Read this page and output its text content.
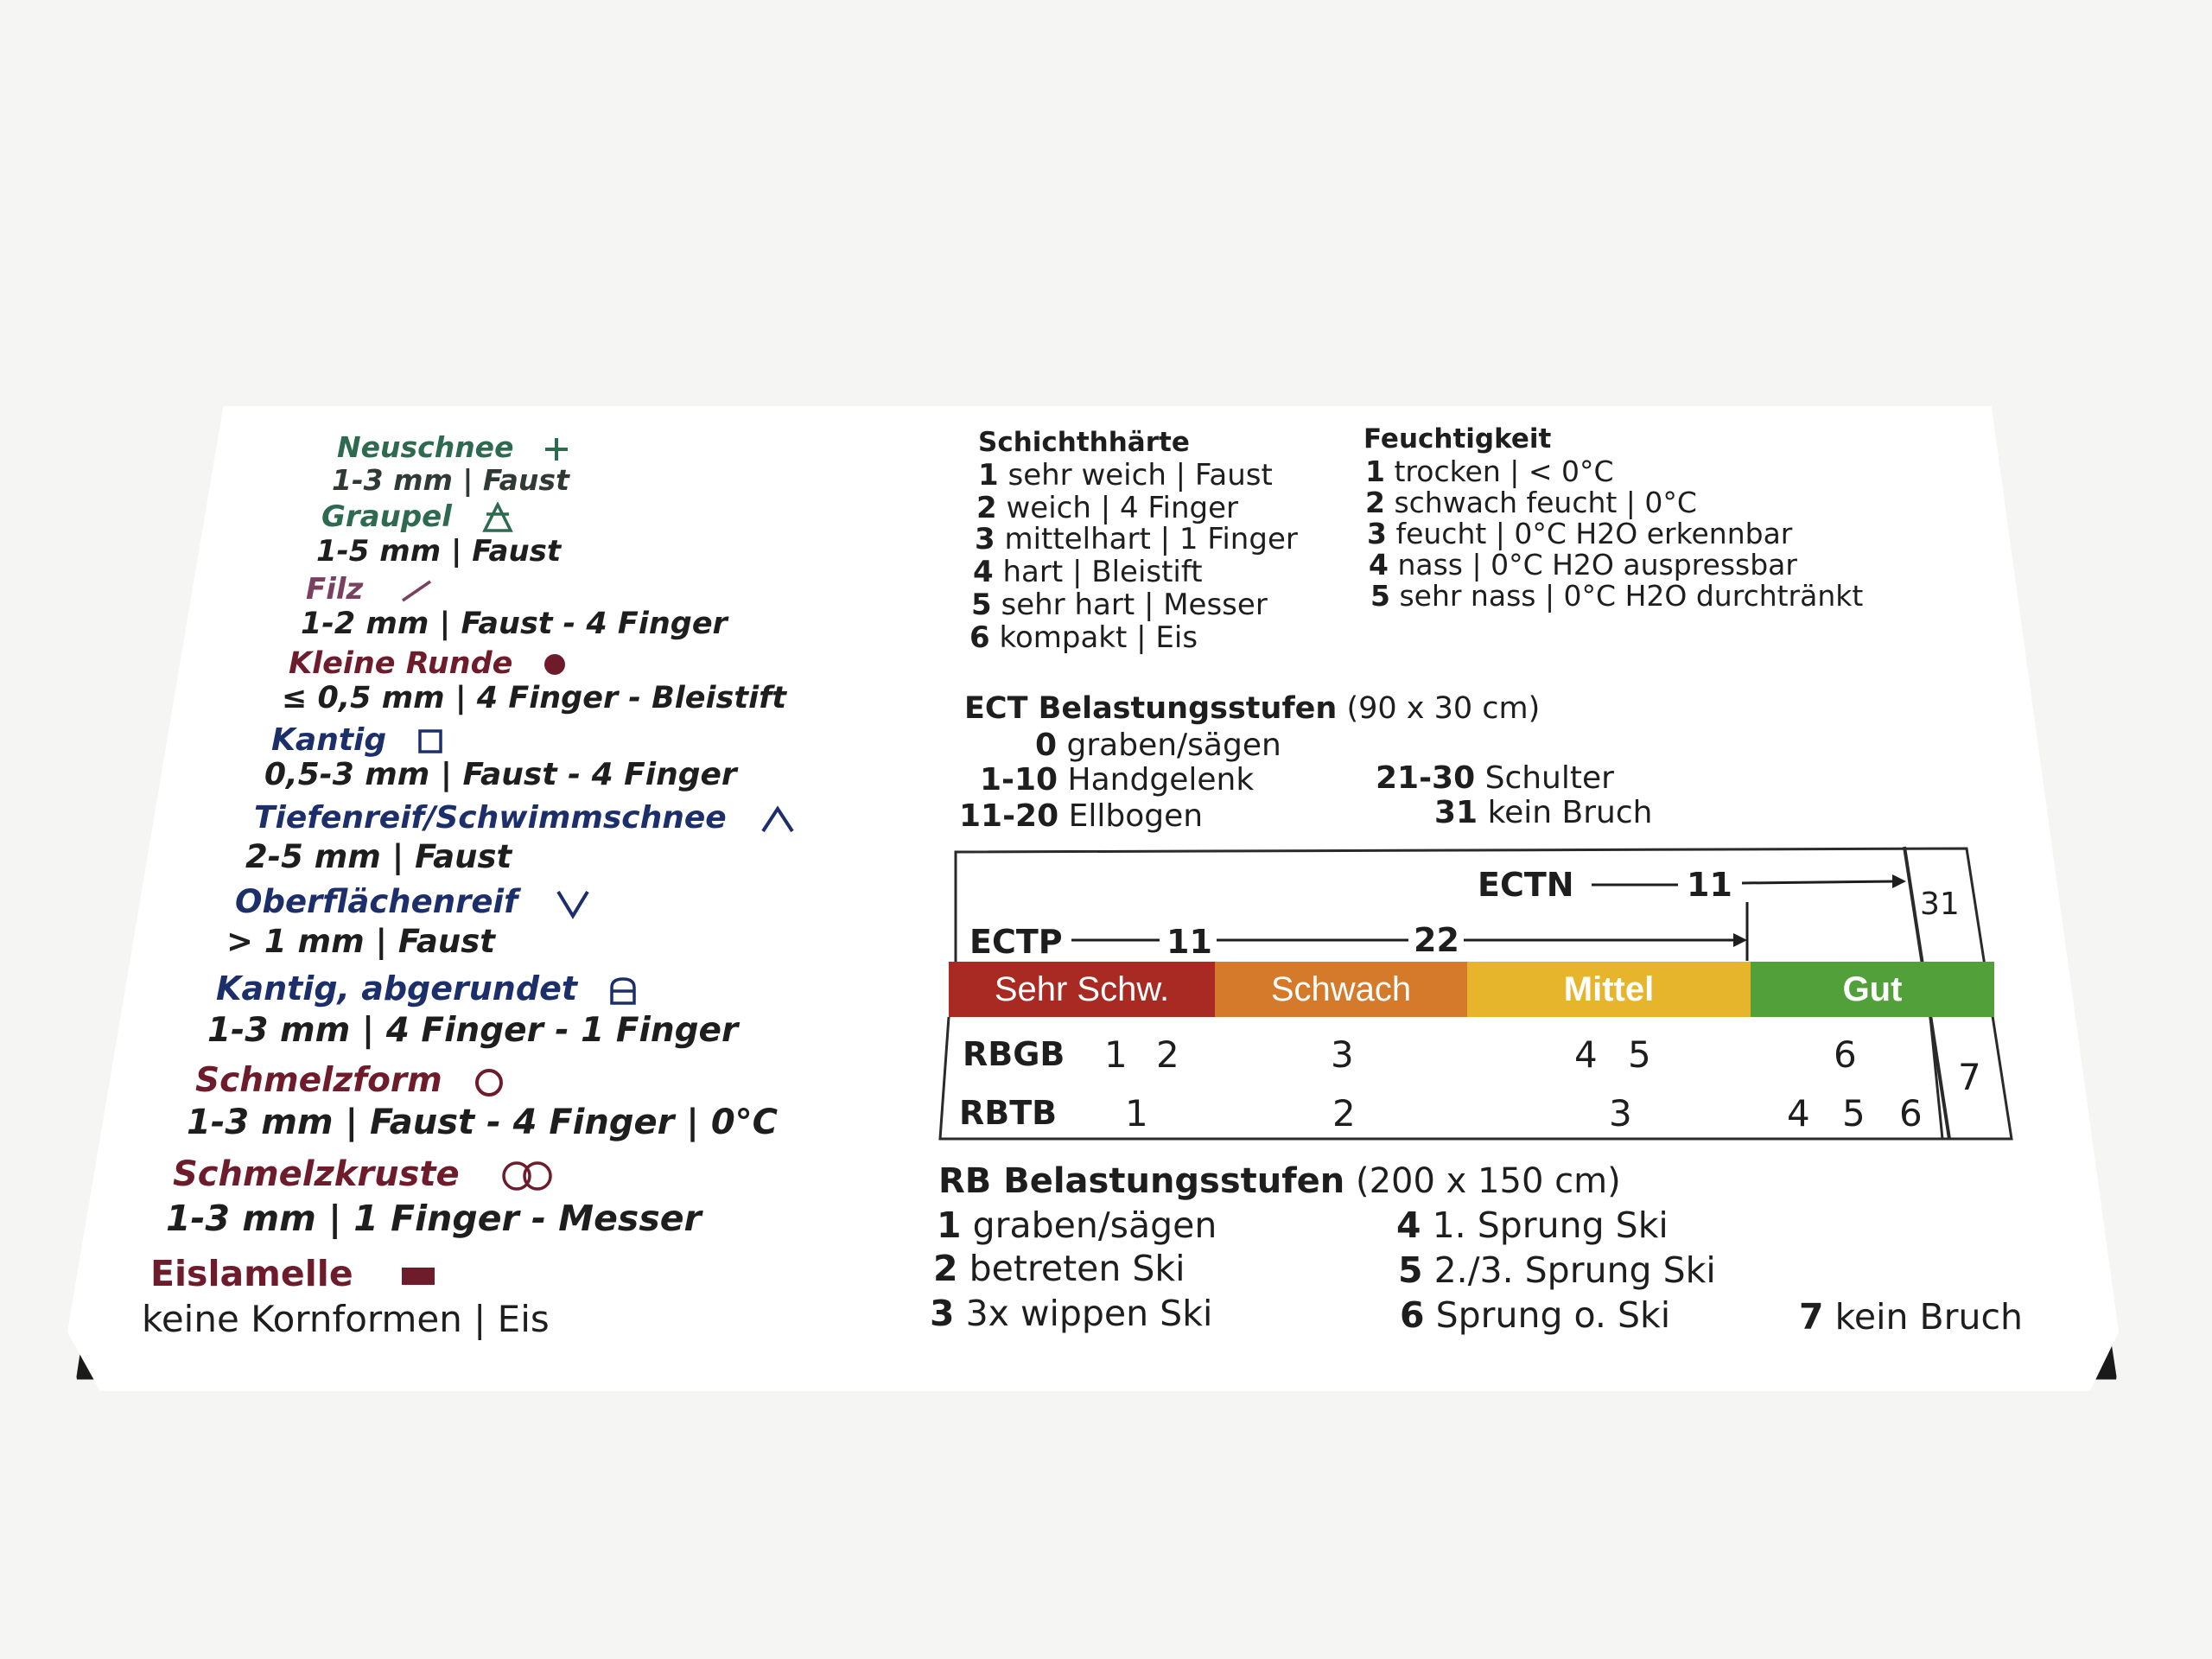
Neuschnee
1-3 mm | Faust
Graupel
1-5 mm | Faust
Filz
1-2 mm | Faust - 4 Finger
Kleine Runde
≤ 0,5 mm | 4 Finger - Bleistift
Kantig
0,5-3 mm | Faust - 4 Finger
Tiefenreif/Schwimmschnee
2-5 mm | Faust
Oberflächenreif
> 1 mm | Faust
Kantig, abgerundet
1-3 mm | 4 Finger - 1 Finger
Schmelzform
1-3 mm | Faust - 4 Finger | 0°C
Schmelzkruste
1-3 mm | 1 Finger - Messer
Eislamelle
keine Kornformen | Eis
Schichthhärte
1 sehr weich | Faust
2 weich | 4 Finger
3 mittelhart | 1 Finger
4 hart | Bleistift
5 sehr hart | Messer
6 kompakt | Eis
Feuchtigkeit
1 trocken | < 0°C
2 schwach feucht | 0°C
3 feucht | 0°C H2O erkennbar
4 nass | 0°C H2O auspressbar
5 sehr nass | 0°C H2O durchtränkt
ECT Belastungsstufen (90 x 30 cm)
0 graben/sägen
1-10 Handgelenk
11-20 Ellbogen
21-30 Schulter
31 kein Bruch
ECTN	11
31
ECTP	11	22
Sehr Schw.	Schwach	Mittel	Gut
RBGB 1 2	3	4 5	6
RBTB 1	2	3	4 5 6
7
RB Belastungsstufen (200 x 150 cm)
1 graben/sägen
2 betreten Ski
3 3x wippen Ski
4 1. Sprung Ski
5 2./3. Sprung Ski
6 Sprung o. Ski	7 kein Bruch
